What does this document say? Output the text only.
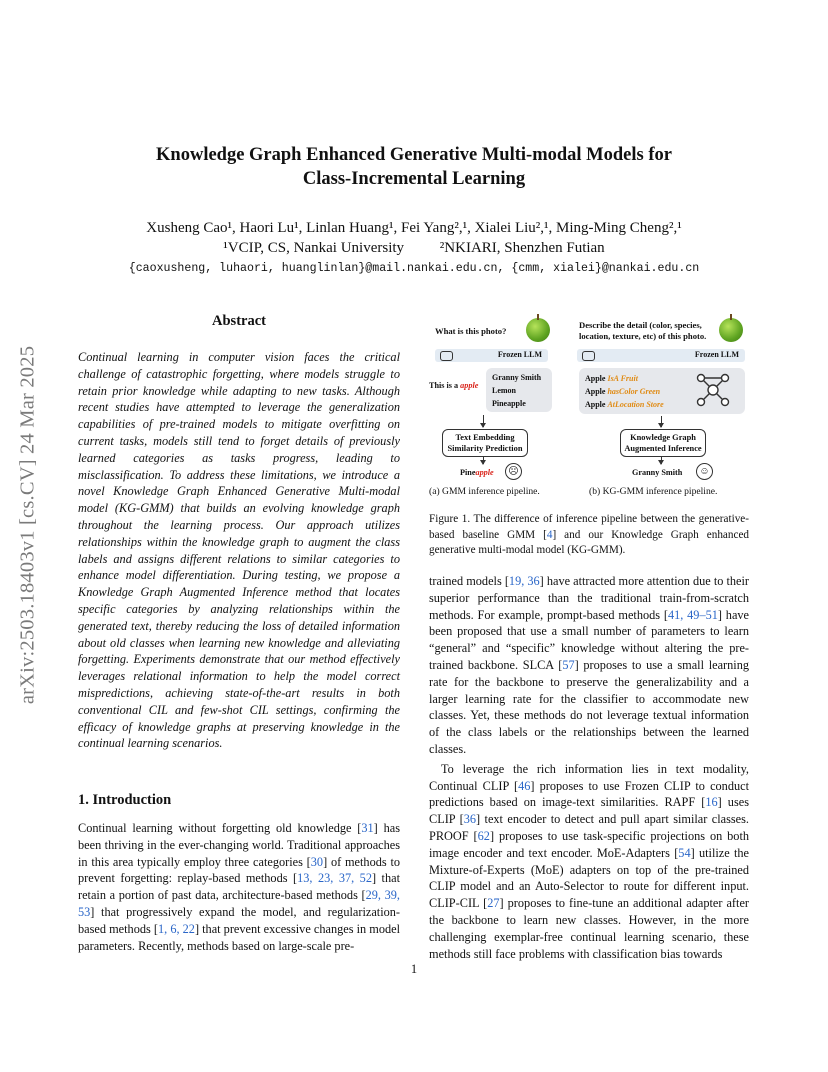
arXiv:2503.18403v1 [cs.CV] 24 Mar 2025
Knowledge Graph Enhanced Generative Multi-modal Models for
Class-Incremental Learning
Xusheng Cao¹, Haori Lu¹, Linlan Huang¹, Fei Yang²,¹, Xialei Liu²,¹, Ming-Ming Cheng²,¹
¹VCIP, CS, Nankai University ²NKIARI, Shenzhen Futian
{caoxusheng, luhaori, huanglinlan}@mail.nankai.edu.cn, {cmm, xialei}@nankai.edu.cn
Abstract
Continual learning in computer vision faces the critical challenge of catastrophic forgetting, where models struggle to retain prior knowledge while adapting to new tasks. Although recent studies have attempted to leverage the generalization capabilities of pre-trained models to mitigate overfitting on current tasks, models still tend to forget details of previously learned categories as tasks progress, leading to misclassification. To address these limitations, we introduce a novel Knowledge Graph Enhanced Generative Multi-modal model (KG-GMM) that builds an evolving knowledge graph throughout the learning process. Our approach utilizes relationships within the knowledge graph to augment the class labels and assigns different relations to similar categories to enhance model differentiation. During testing, we propose a Knowledge Graph Augmented Inference method that locates specific categories by analyzing relationships within the generated text, thereby reducing the loss of detailed information about old classes when learning new knowledge and alleviating forgetting. Experiments demonstrate that our method effectively leverages relational information to help the model correct mispredictions, achieving state-of-the-art results in both conventional CIL and few-shot CIL settings, confirming the efficacy of knowledge graphs at preserving knowledge in the continual learning scenarios.
1. Introduction
Continual learning without forgetting old knowledge [31] has been thriving in the ever-changing world. Traditional approaches in this area typically employ three categories [30] of methods to prevent forgetting: replay-based methods [13, 23, 37, 52] that retain a portion of past data, architecture-based methods [29, 39, 53] that progressively expand the model, and regularization-based methods [1, 6, 22] that prevent excessive changes in model parameters. Recently, methods based on large-scale pre-
What is this photo?
Frozen LLM
This is a apple
Granny Smith
Lemon
Pineapple
Text Embedding
Similarity Prediction
Pineapple	☹
(a) GMM inference pipeline.
Describe the detail (color, species, location, texture, etc) of this photo.
Frozen LLM
Apple IsA Fruit
Apple hasColor Green
Apple AtLocation Store
Knowledge Graph
Augmented Inference
Granny Smith	☺
(b) KG-GMM inference pipeline.
Figure 1. The difference of inference pipeline between the generative-based baseline GMM [4] and our Knowledge Graph enhanced generative multi-modal model (KG-GMM).

trained models [19, 36] have attracted more attention due to their superior performance than the traditional train-from-scratch methods. For example, prompt-based methods [41, 49–51] have been proposed that use a small number of parameters to learn “general” and “specific” knowledge without altering the pre-trained backbone. SLCA [57] proposes to use a small learning rate for the backbone to preserve the generalizability and a larger learning rate for the classifier to accommodate new classes. Yet, these methods do not leverage textual information of the class labels or the relationships between the learned classes.

To leverage the rich information lies in text modality, Continual CLIP [46] proposes to use Frozen CLIP to conduct predictions based on image-text similarities. RAPF [16] uses CLIP [36] text encoder to detect and pull apart similar classes. PROOF [62] proposes to use task-specific projections on both image encoder and text encoder. MoE-Adapters [54] utilize the Mixture-of-Experts (MoE) adapters on top of the pre-trained CLIP model and an Auto-Selector to route for different input. CLIP-CIL [27] proposes to fine-tune an additional adapter after the backbone to learn new classes. However, in the more challenging exemplar-free continual learning scenario, these methods still face problems with classification bias towards

1
